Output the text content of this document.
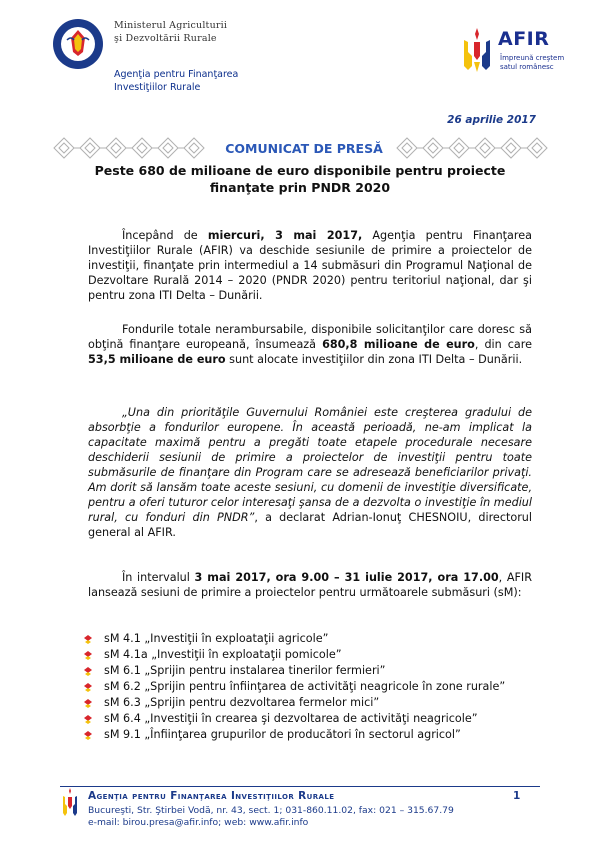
Ministerul Agriculturii
şi Dezvoltării Rurale
Agenţia pentru Finanţarea
Investiţiilor Rurale
AFIR
Împreună creştem
satul românesc
26 aprilie 2017
COMUNICAT DE PRESĂ
Peste 680 de milioane de euro disponibile pentru proiecte
finanţate prin PNDR 2020
Începând de miercuri, 3 mai 2017, Agenţia pentru Finanţarea Investiţiilor Rurale (AFIR) va deschide sesiunile de primire a proiectelor de investiţii, finanţate prin intermediul a 14 submăsuri din Programul Naţional de Dezvoltare Rurală 2014 – 2020 (PNDR 2020) pentru teritoriul naţional, dar şi pentru zona ITI Delta – Dunării.
Fondurile totale nerambursabile, disponibile solicitanţilor care doresc să obţină finanţare europeană, însumează 680,8 milioane de euro, din care 53,5 milioane de euro sunt alocate investiţiilor din zona ITI Delta – Dunării.
„Una din priorităţile Guvernului României este creşterea gradului de absorbţie a fondurilor europene. În această perioadă, ne-am implicat la capacitate maximă pentru a pregăti toate etapele procedurale necesare deschiderii sesiunii de primire a proiectelor de investiţii pentru toate submăsurile de finanţare din Program care se adresează beneficiarilor privaţi. Am dorit să lansăm toate aceste sesiuni, cu domenii de investiţie diversificate, pentru a oferi tuturor celor interesaţi şansa de a dezvolta o investiţie în mediul rural, cu fonduri din PNDR”, a declarat Adrian-Ionuţ CHESNOIU, directorul general al AFIR.
În intervalul 3 mai 2017, ora 9.00 – 31 iulie 2017, ora 17.00, AFIR lansează sesiuni de primire a proiectelor pentru următoarele submăsuri (sM):
sM 4.1 „Investiţii în exploataţii agricole”
sM 4.1a „Investiţii în exploataţii pomicole”
sM 6.1 „Sprijin pentru instalarea tinerilor fermieri”
sM 6.2 „Sprijin pentru înfiinţarea de activităţi neagricole în zone rurale”
sM 6.3 „Sprijin pentru dezvoltarea fermelor mici”
sM 6.4 „Investiţii în crearea şi dezvoltarea de activităţi neagricole”
sM 9.1 „Înfiinţarea grupurilor de producători în sectorul agricol”
Agenţia pentru Finanţarea Investiţiilor Rurale	1
Bucureşti, Str. Ştirbei Vodă, nr. 43, sect. 1; 031-860.11.02, fax: 021 – 315.67.79
e-mail: birou.presa@afir.info; web: www.afir.info
